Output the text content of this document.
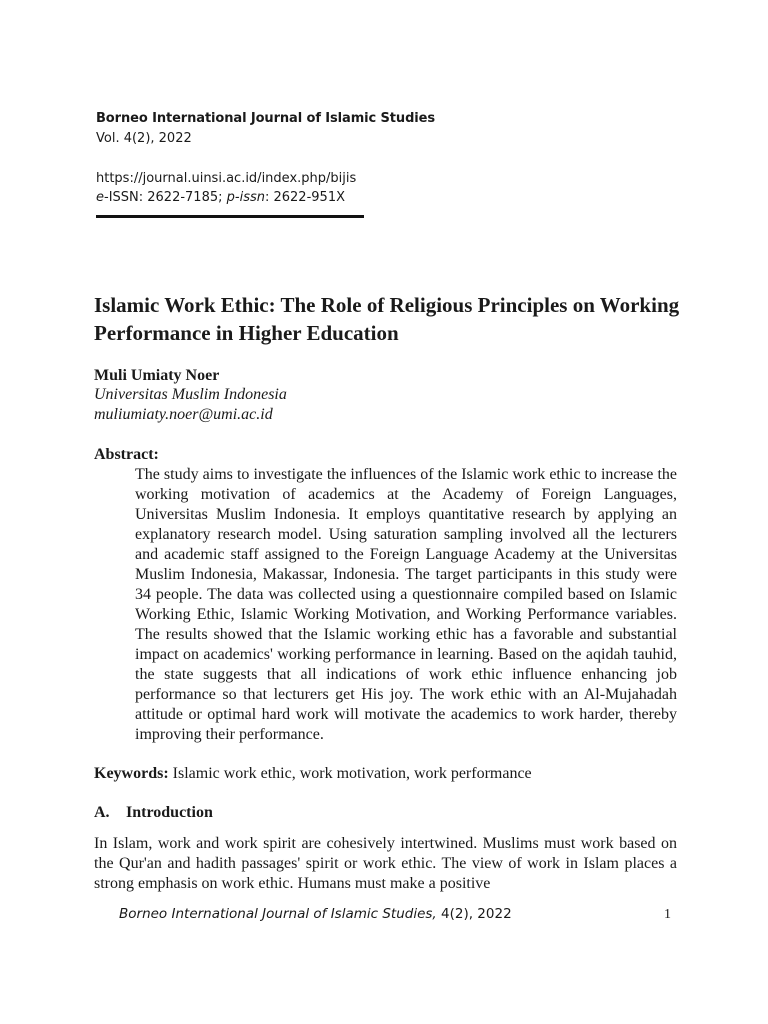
Borneo International Journal of Islamic Studies
Vol. 4(2), 2022
https://journal.uinsi.ac.id/index.php/bijis
e-ISSN: 2622-7185; p-issn: 2622-951X
Islamic Work Ethic: The Role of Religious Principles on Working Performance in Higher Education
Muli Umiaty Noer
Universitas Muslim Indonesia
muliumiaty.noer@umi.ac.id
Abstract:
The study aims to investigate the influences of the Islamic work ethic to increase the working motivation of academics at the Academy of Foreign Languages, Universitas Muslim Indonesia. It employs quantitative research by applying an explanatory research model. Using saturation sampling involved all the lecturers and academic staff assigned to the Foreign Language Academy at the Universitas Muslim Indonesia, Makassar, Indonesia. The target participants in this study were 34 people. The data was collected using a questionnaire compiled based on Islamic Working Ethic, Islamic Working Motivation, and Working Performance variables. The results showed that the Islamic working ethic has a favorable and substantial impact on academics' working performance in learning. Based on the aqidah tauhid, the state suggests that all indications of work ethic influence enhancing job performance so that lecturers get His joy. The work ethic with an Al-Mujahadah attitude or optimal hard work will motivate the academics to work harder, thereby improving their performance.
Keywords: Islamic work ethic, work motivation, work performance
A. Introduction
In Islam, work and work spirit are cohesively intertwined. Muslims must work based on the Qur'an and hadith passages' spirit or work ethic. The view of work in Islam places a strong emphasis on work ethic. Humans must make a positive
Borneo International Journal of Islamic Studies, 4(2), 2022	1
